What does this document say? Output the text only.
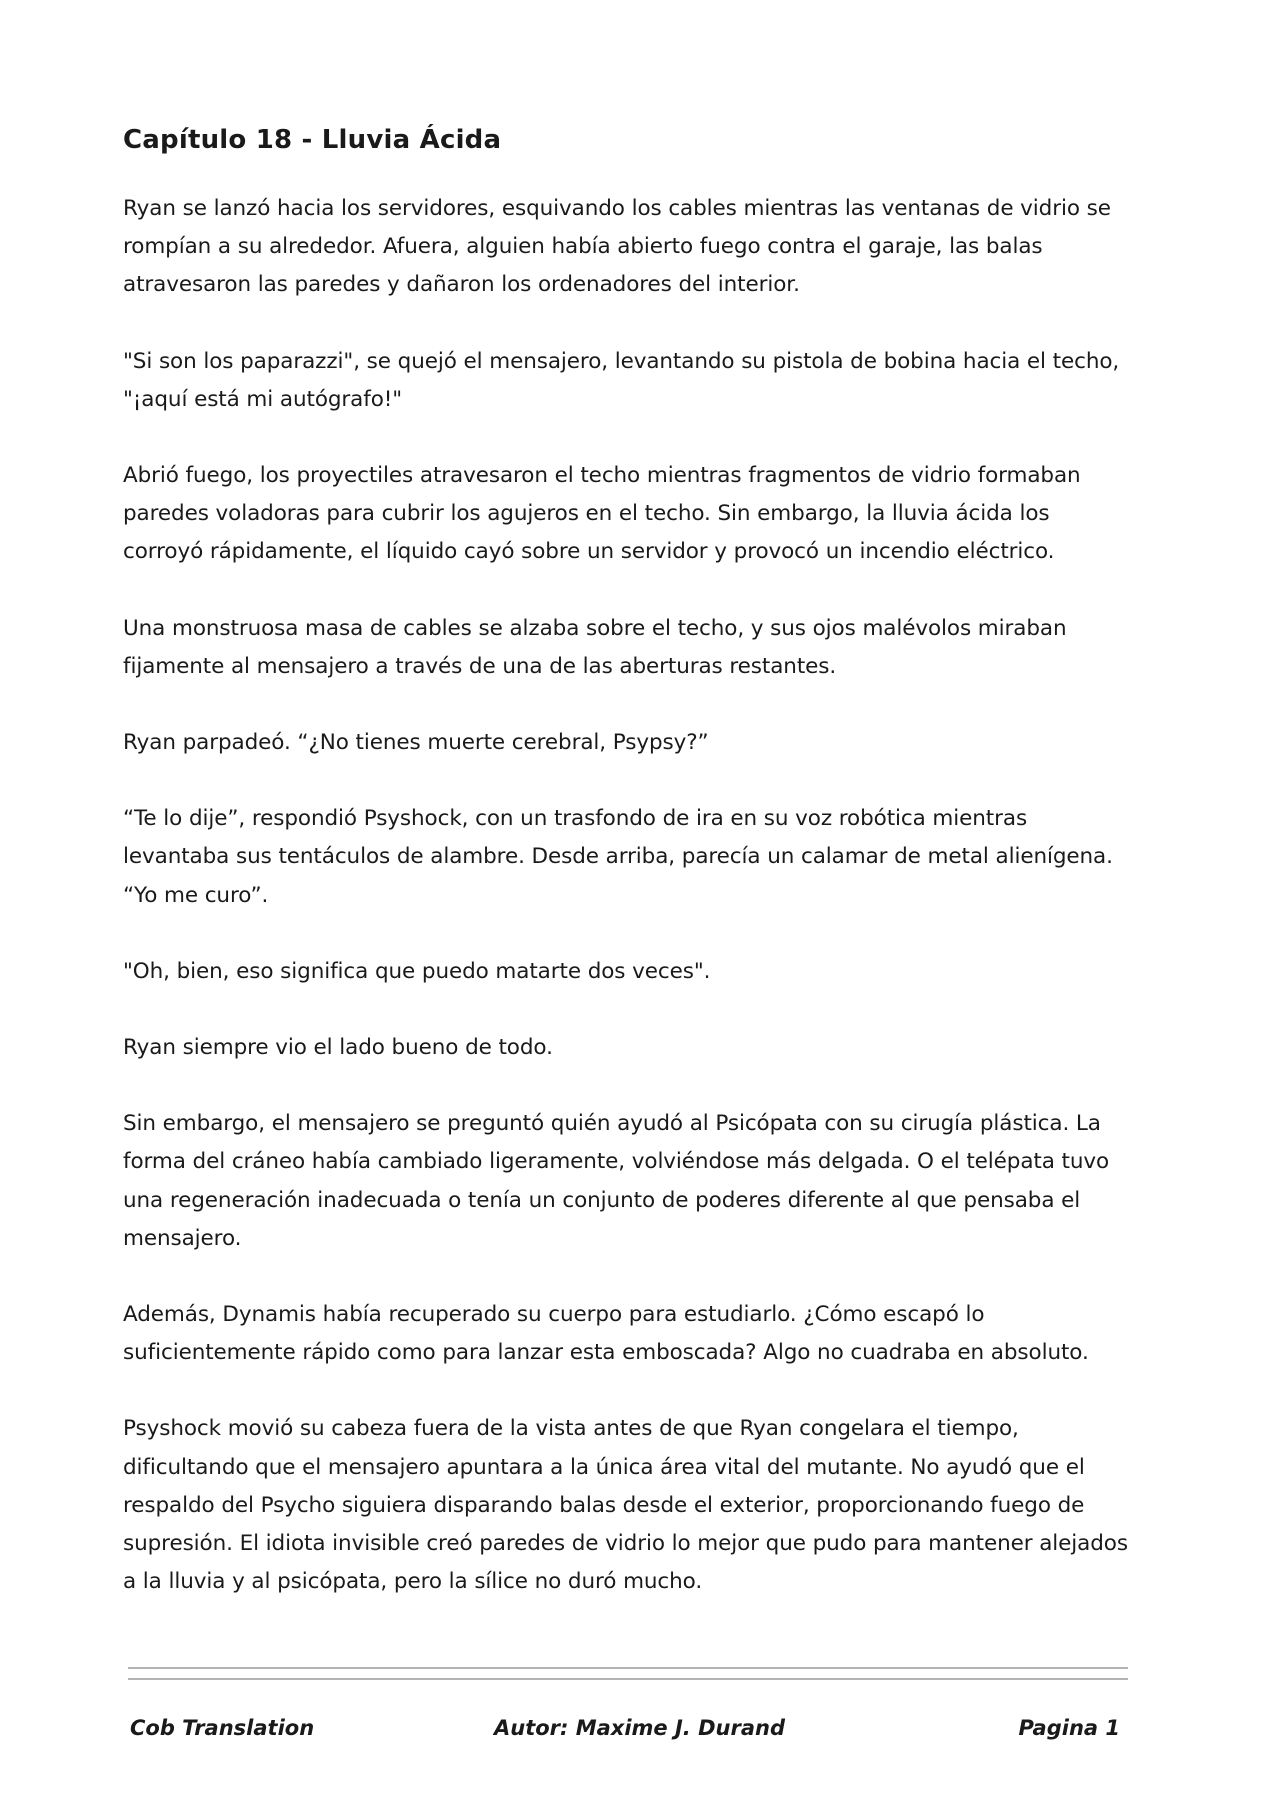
Capítulo 18 - Lluvia Ácida

Ryan se lanzó hacia los servidores, esquivando los cables mientras las ventanas de vidrio se rompían a su alrededor. Afuera, alguien había abierto fuego contra el garaje, las balas atravesaron las paredes y dañaron los ordenadores del interior.

"Si son los paparazzi", se quejó el mensajero, levantando su pistola de bobina hacia el techo, "¡aquí está mi autógrafo!"

Abrió fuego, los proyectiles atravesaron el techo mientras fragmentos de vidrio formaban paredes voladoras para cubrir los agujeros en el techo. Sin embargo, la lluvia ácida los corroyó rápidamente, el líquido cayó sobre un servidor y provocó un incendio eléctrico.

Una monstruosa masa de cables se alzaba sobre el techo, y sus ojos malévolos miraban fijamente al mensajero a través de una de las aberturas restantes.

Ryan parpadeó. “¿No tienes muerte cerebral, Psypsy?”

“Te lo dije”, respondió Psyshock, con un trasfondo de ira en su voz robótica mientras levantaba sus tentáculos de alambre. Desde arriba, parecía un calamar de metal alienígena. “Yo me curo”.

"Oh, bien, eso significa que puedo matarte dos veces".

Ryan siempre vio el lado bueno de todo.

Sin embargo, el mensajero se preguntó quién ayudó al Psicópata con su cirugía plástica. La forma del cráneo había cambiado ligeramente, volviéndose más delgada. O el telépata tuvo una regeneración inadecuada o tenía un conjunto de poderes diferente al que pensaba el mensajero.

Además, Dynamis había recuperado su cuerpo para estudiarlo. ¿Cómo escapó lo suficientemente rápido como para lanzar esta emboscada? Algo no cuadraba en absoluto.

Psyshock movió su cabeza fuera de la vista antes de que Ryan congelara el tiempo, dificultando que el mensajero apuntara a la única área vital del mutante. No ayudó que el respaldo del Psycho siguiera disparando balas desde el exterior, proporcionando fuego de supresión. El idiota invisible creó paredes de vidrio lo mejor que pudo para mantener alejados a la lluvia y al psicópata, pero la sílice no duró mucho.

Cob Translation	Autor: Maxime J. Durand	Pagina 1
